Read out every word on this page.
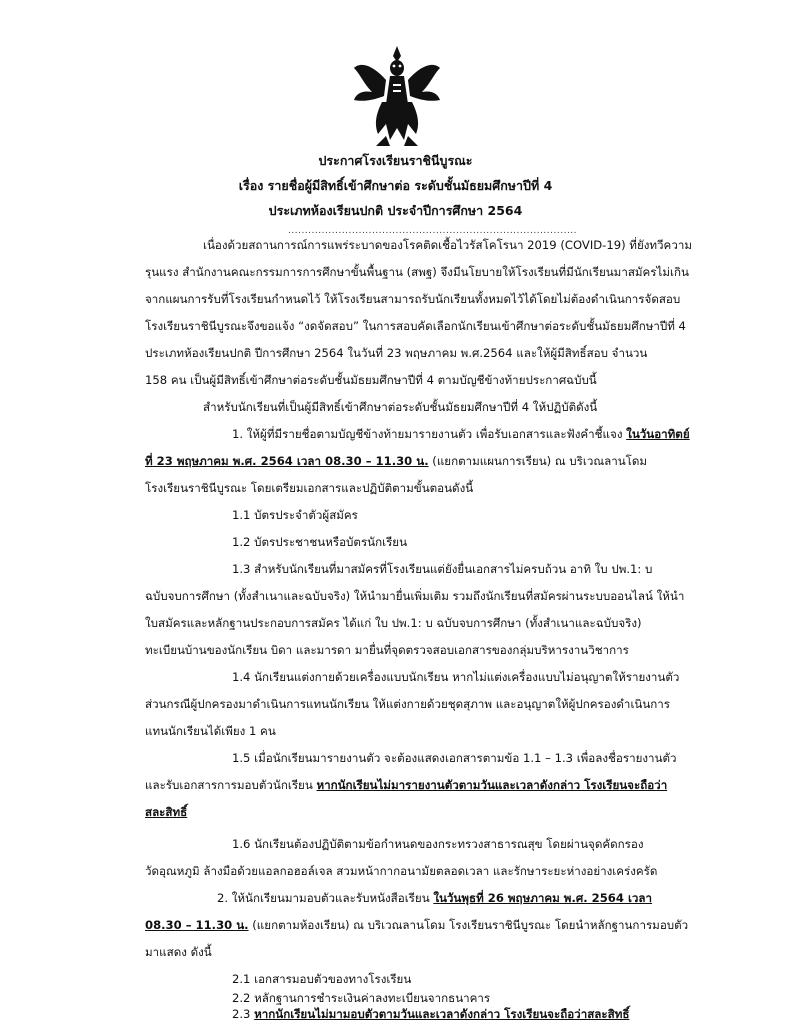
ประกาศโรงเรียนราชินีบูรณะ
เรื่อง รายชื่อผู้มีสิทธิ์เข้าศึกษาต่อ ระดับชั้นมัธยมศึกษาปีที่ 4
ประเภทห้องเรียนปกติ ประจำปีการศึกษา 2564
......................................................................................
เนื่องด้วยสถานการณ์การแพร่ระบาดของโรคติดเชื้อไวรัสโคโรนา 2019 (COVID-19) ที่ยังทวีความ
รุนแรง สำนักงานคณะกรรมการการศึกษาขั้นพื้นฐาน (สพฐ) จึงมีนโยบายให้โรงเรียนที่มีนักเรียนมาสมัครไม่เกิน
จากแผนการรับที่โรงเรียนกำหนดไว้ ให้โรงเรียนสามารถรับนักเรียนทั้งหมดไว้ได้โดยไม่ต้องดำเนินการจัดสอบ
โรงเรียนราชินีบูรณะจึงขอแจ้ง “งดจัดสอบ” ในการสอบคัดเลือกนักเรียนเข้าศึกษาต่อระดับชั้นมัธยมศึกษาปีที่ 4
ประเภทห้องเรียนปกติ ปีการศึกษา 2564 ในวันที่ 23 พฤษภาคม พ.ศ.2564 และให้ผู้มีสิทธิ์สอบ จำนวน
158 คน เป็นผู้มีสิทธิ์เข้าศึกษาต่อระดับชั้นมัธยมศึกษาปีที่ 4 ตามบัญชีข้างท้ายประกาศฉบับนี้
สำหรับนักเรียนที่เป็นผู้มีสิทธิ์เข้าศึกษาต่อระดับชั้นมัธยมศึกษาปีที่ 4 ให้ปฏิบัติดังนี้
1. ให้ผู้ที่มีรายชื่อตามบัญชีข้างท้ายมารายงานตัว เพื่อรับเอกสารและฟังคำชี้แจง ในวันอาทิตย์
ที่ 23 พฤษภาคม พ.ศ. 2564 เวลา 08.30 – 11.30 น. (แยกตามแผนการเรียน) ณ บริเวณลานโดม
โรงเรียนราชินีบูรณะ โดยเตรียมเอกสารและปฏิบัติตามขั้นตอนดังนี้
1.1 บัตรประจำตัวผู้สมัคร
1.2 บัตรประชาชนหรือบัตรนักเรียน
1.3 สำหรับนักเรียนที่มาสมัครที่โรงเรียนแต่ยังยื่นเอกสารไม่ครบถ้วน อาทิ ใบ ปพ.1: บ
ฉบับจบการศึกษา (ทั้งสำเนาและฉบับจริง) ให้นำมายื่นเพิ่มเติม รวมถึงนักเรียนที่สมัครผ่านระบบออนไลน์ ให้นำ
ใบสมัครและหลักฐานประกอบการสมัคร ได้แก่ ใบ ปพ.1: บ ฉบับจบการศึกษา (ทั้งสำเนาและฉบับจริง)
ทะเบียนบ้านของนักเรียน บิดา และมารดา มายื่นที่จุดตรวจสอบเอกสารของกลุ่มบริหารงานวิชาการ
1.4 นักเรียนแต่งกายด้วยเครื่องแบบนักเรียน หากไม่แต่งเครื่องแบบไม่อนุญาตให้รายงานตัว
ส่วนกรณีผู้ปกครองมาดำเนินการแทนนักเรียน ให้แต่งกายด้วยชุดสุภาพ และอนุญาตให้ผู้ปกครองดำเนินการ
แทนนักเรียนได้เพียง 1 คน
1.5 เมื่อนักเรียนมารายงานตัว จะต้องแสดงเอกสารตามข้อ 1.1 – 1.3 เพื่อลงชื่อรายงานตัว
และรับเอกสารการมอบตัวนักเรียน หากนักเรียนไม่มารายงานตัวตามวันและเวลาดังกล่าว โรงเรียนจะถือว่า
สละสิทธิ์
1.6 นักเรียนต้องปฏิบัติตามข้อกำหนดของกระทรวงสาธารณสุข โดยผ่านจุดคัดกรอง
วัดอุณหภูมิ ล้างมือด้วยแอลกอฮอล์เจล สวมหน้ากากอนามัยตลอดเวลา และรักษาระยะห่างอย่างเคร่งครัด
2. ให้นักเรียนมามอบตัวและรับหนังสือเรียน ในวันพุธที่ 26 พฤษภาคม พ.ศ. 2564 เวลา
08.30 – 11.30 น. (แยกตามห้องเรียน) ณ บริเวณลานโดม โรงเรียนราชินีบูรณะ โดยนำหลักฐานการมอบตัว
มาแสดง ดังนี้
2.1 เอกสารมอบตัวของทางโรงเรียน
2.2 หลักฐานการชำระเงินค่าลงทะเบียนจากธนาคาร
2.3 หากนักเรียนไม่มามอบตัวตามวันและเวลาดังกล่าว โรงเรียนจะถือว่าสละสิทธิ์
